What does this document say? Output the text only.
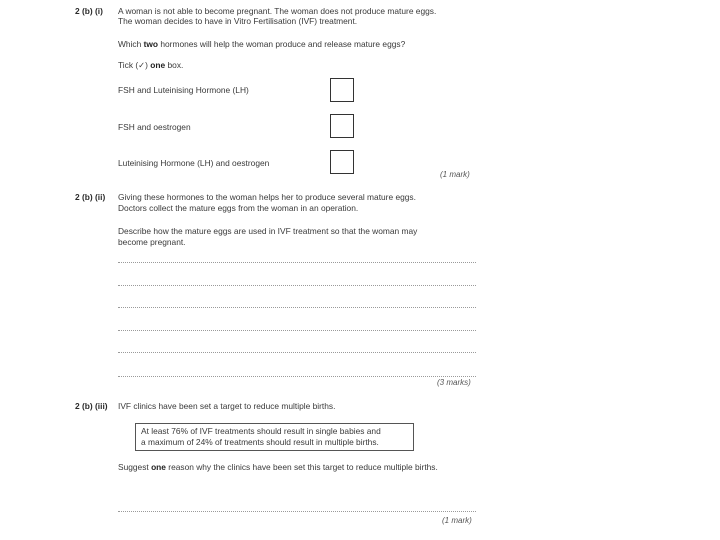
2 (b) (i) A woman is not able to become pregnant. The woman does not produce mature eggs.
The woman decides to have in Vitro Fertilisation (IVF) treatment.
Which two hormones will help the woman produce and release mature eggs?
Tick (✓) one box.
FSH and Luteinising Hormone (LH)
FSH and oestrogen
Luteinising Hormone (LH) and oestrogen
(1 mark)
2 (b) (ii) Giving these hormones to the woman helps her to produce several mature eggs.
Doctors collect the mature eggs from the woman in an operation.
Describe how the mature eggs are used in IVF treatment so that the woman may
become pregnant.
(3 marks)
2 (b) (iii) IVF clinics have been set a target to reduce multiple births.
At least 76% of IVF treatments should result in single babies and
a maximum of 24% of treatments should result in multiple births.
Suggest one reason why the clinics have been set this target to reduce multiple births.
(1 mark)
